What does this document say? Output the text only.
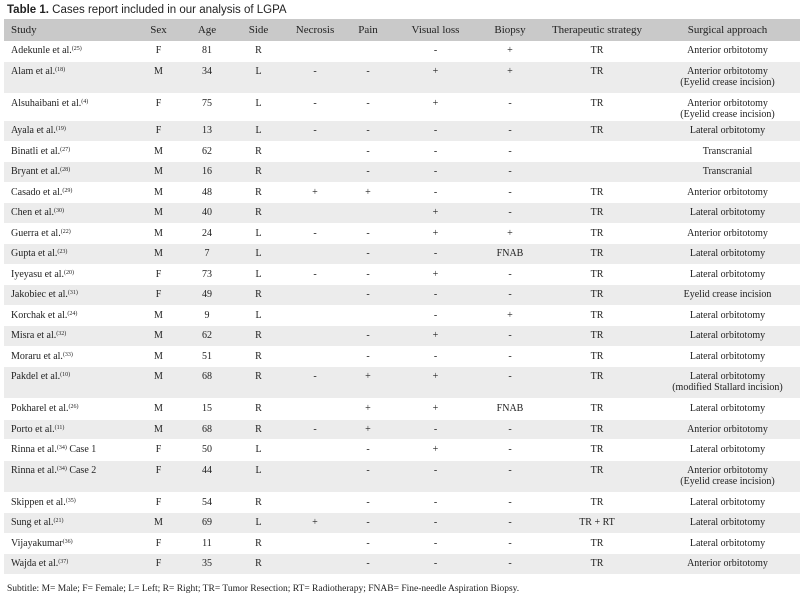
Table 1. Cases report included in our analysis of LGPA
Study	Sex	Age	Side	Necrosis	Pain	Visual loss	Biopsy	Therapeutic strategy	Surgical approach

Adekunle et al.$^{(25)}$	F	81	R			-	+	TR	Anterior orbitotomy

Alam et al.$^{(18)}$	M	34	L	-	-	+	+	TR	Anterior orbitotomy
(Eyelid crease incision)

Alsuhaibani et al.$^{(4)}$	F	75	L	-	-	+	-	TR	Anterior orbitotomy
(Eyelid crease incision)

Ayala et al.$^{(19)}$	F	13	L	-	-	-	-	TR	Lateral orbitotomy

Binatli et al.$^{(27)}$	M	62	R		-	-	-		Transcranial

Bryant et al.$^{(28)}$	M	16	R		-	-	-		Transcranial

Casado et al.$^{(29)}$	M	48	R	+	+	-	-	TR	Anterior orbitotomy

Chen et al.$^{(30)}$	M	40	R			+	-	TR	Lateral orbitotomy

Guerra et al.$^{(22)}$	M	24	L	-	-	+	+	TR	Anterior orbitotomy

Gupta et al.$^{(23)}$	M	7	L		-	-	FNAB	TR	Lateral orbitotomy

Iyeyasu et al.$^{(20)}$	F	73	L	-	-	+	-	TR	Lateral orbitotomy

Jakobiec et al.$^{(31)}$	F	49	R		-	-	-	TR	Eyelid crease incision

Korchak et al.$^{(24)}$	M	9	L			-	+	TR	Lateral orbitotomy

Misra et al.$^{(32)}$	M	62	R		-	+	-	TR	Lateral orbitotomy

Moraru et al.$^{(33)}$	M	51	R		-	-	-	TR	Lateral orbitotomy

Pakdel et al.$^{(10)}$	M	68	R	-	+	+	-	TR	Lateral orbitotomy
(modified Stallard incision)

Pokharel et al.$^{(26)}$	M	15	R		+	+	FNAB	TR	Lateral orbitotomy

Porto et al.$^{(11)}$	M	68	R	-	+	-	-	TR	Anterior orbitotomy

Rinna et al.$^{(34)}$ Case 1	F	50	L		-	+	-	TR	Lateral orbitotomy

Rinna et al.$^{(34)}$ Case 2	F	44	L		-	-	-	TR	Anterior orbitotomy
(Eyelid crease incision)

Skippen et al.$^{(35)}$	F	54	R		-	-	-	TR	Lateral orbitotomy

Sung et al.$^{(21)}$	M	69	L	+	-	-	-	TR + RT	Lateral orbitotomy

Vijayakumar$^{(36)}$	F	11	R		-	-	-	TR	Lateral orbitotomy

Wajda et al.$^{(37)}$	F	35	R		-	-	-	TR	Anterior orbitotomy
Subtitle: M= Male; F= Female; L= Left; R= Right; TR= Tumor Resection; RT= Radiotherapy; FNAB= Fine-needle Aspiration Biopsy.
